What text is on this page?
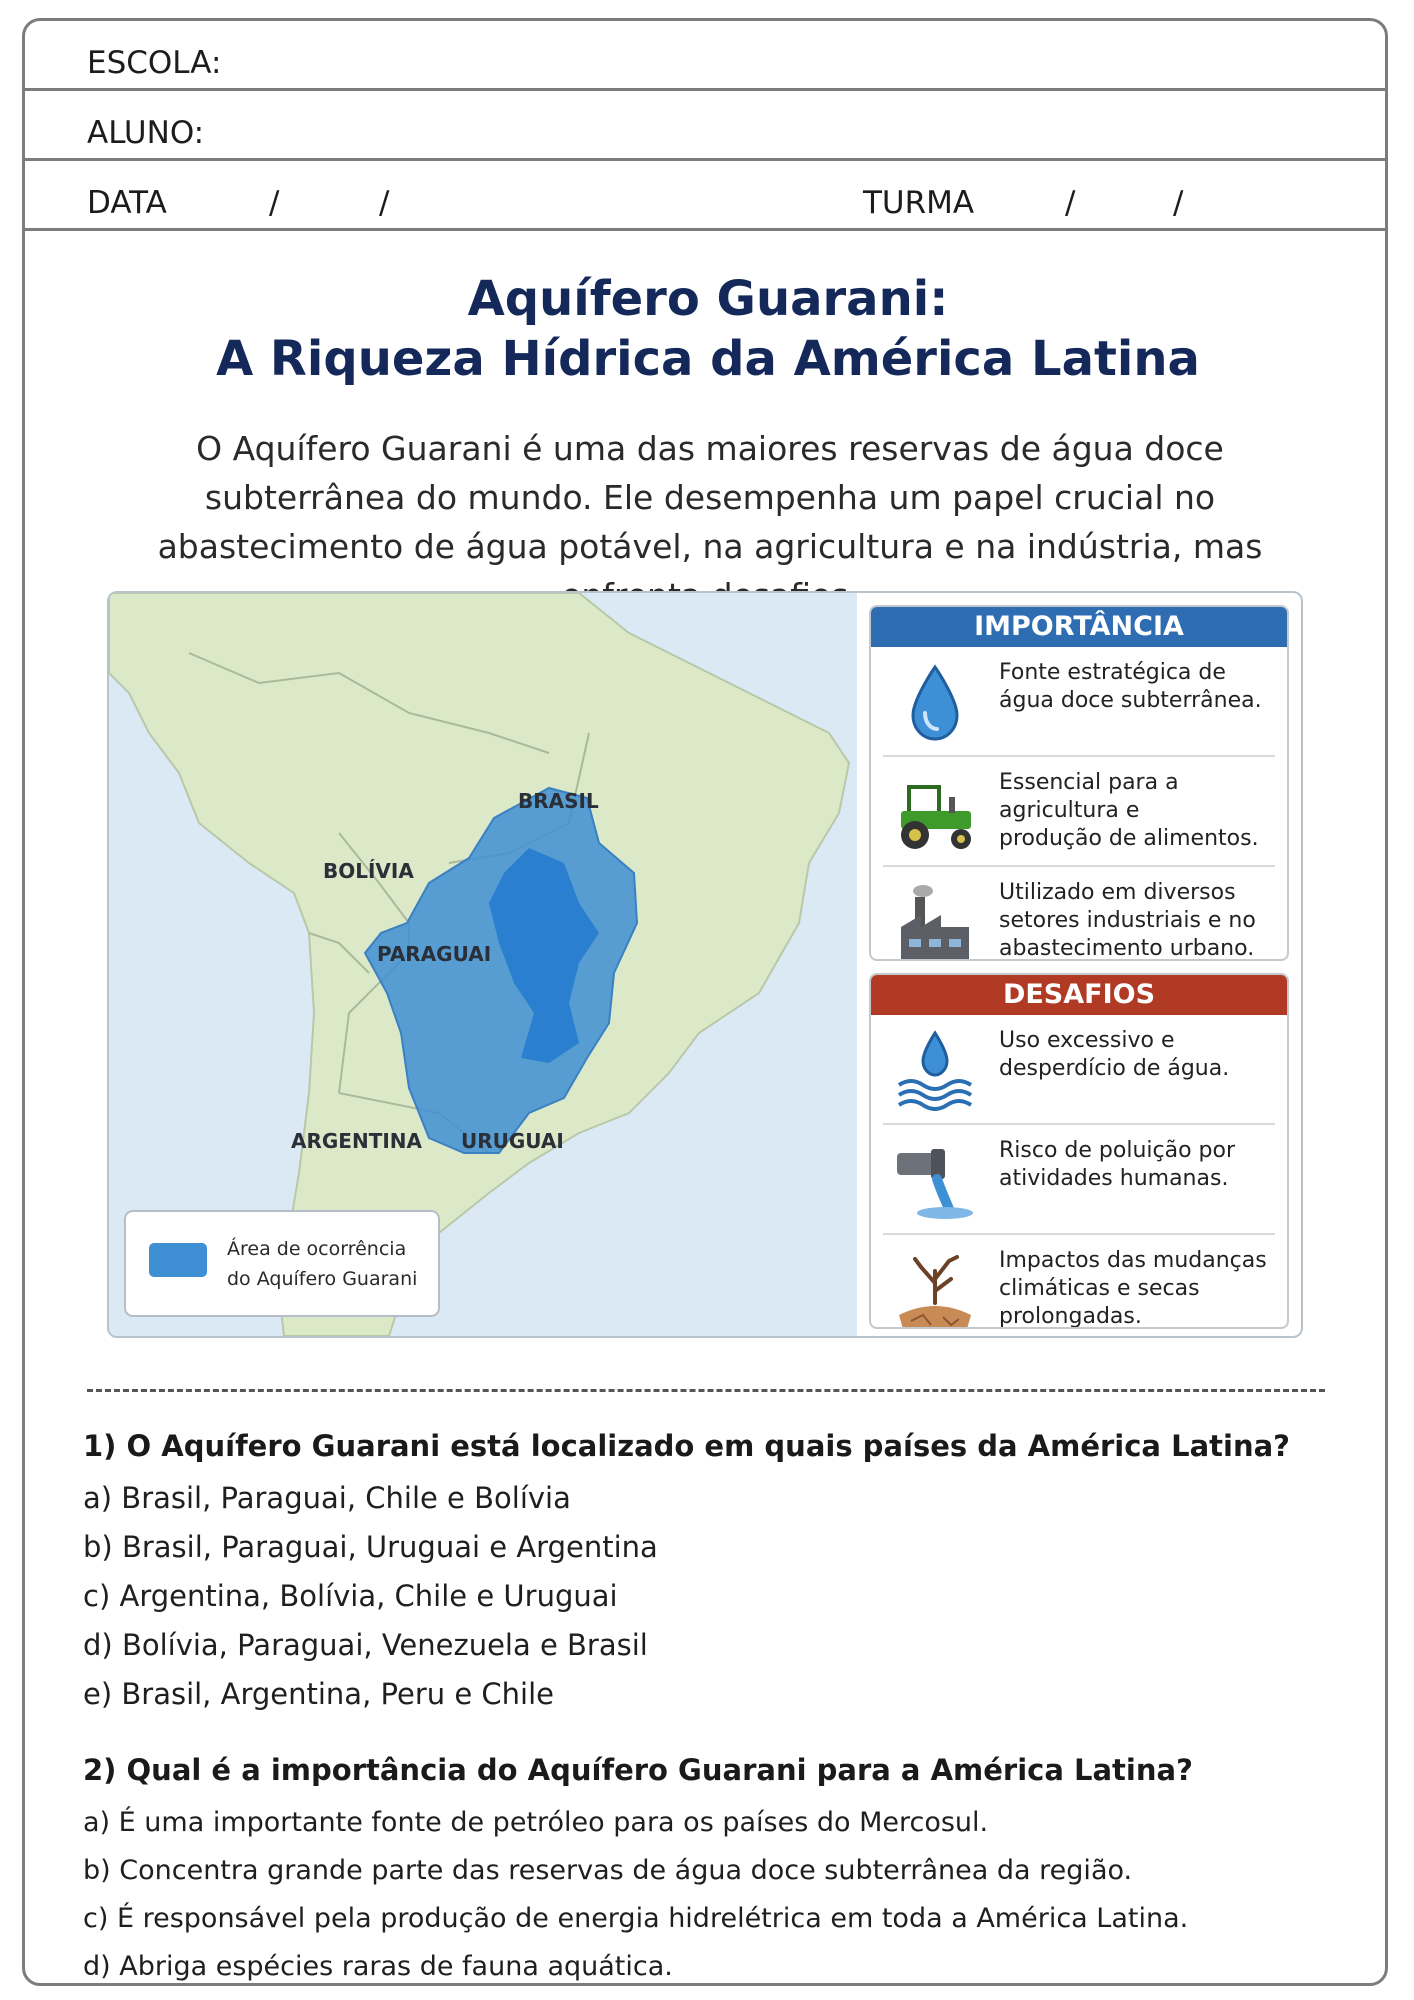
ESCOLA:
ALUNO:
DATA	/	/	TURMA	/	/
Aquífero Guarani:
A Riqueza Hídrica da América Latina
O Aquífero Guarani é uma das maiores reservas de água doce subterrânea do mundo. Ele desempenha um papel crucial no abastecimento de água potável, na agricultura e na indústria, mas
BRASIL
BOLÍVIA
PARAGUAI
ARGENTINA URUGUAI
Área de ocorrência
do Aquífero Guarani
IMPORTÂNCIA
Fonte estratégica de
água doce subterrânea.
Essencial para a
agricultura e
produção de alimentos.
Utilizado em diversos
setores industriais e no
abastecimento urbano.
DESAFIOS
Uso excessivo e
desperdício de água.
Risco de poluição por
atividades humanas.
Impactos das mudanças
climáticas e secas
prolongadas.
1) O Aquífero Guarani está localizado em quais países da América Latina?
a) Brasil, Paraguai, Chile e Bolívia
b) Brasil, Paraguai, Uruguai e Argentina
c) Argentina, Bolívia, Chile e Uruguai
d) Bolívia, Paraguai, Venezuela e Brasil
e) Brasil, Argentina, Peru e Chile
2) Qual é a importância do Aquífero Guarani para a América Latina?
a) É uma importante fonte de petróleo para os países do Mercosul.
b) Concentra grande parte das reservas de água doce subterrânea da região.
c) É responsável pela produção de energia hidrelétrica em toda a América Latina.
d) Abriga espécies raras de fauna aquática.
